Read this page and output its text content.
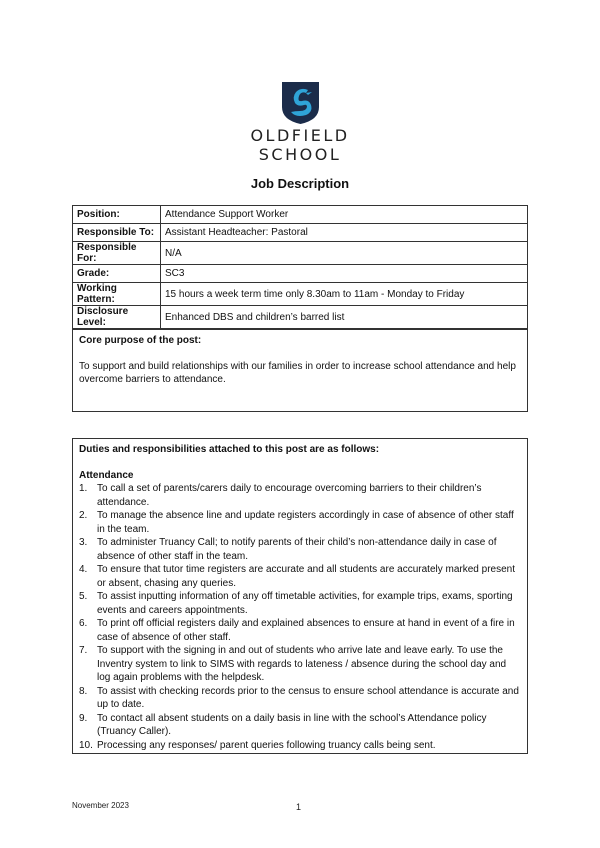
OLDFIELD
SCHOOL
Job Description
Position:	Attendance Support Worker
Responsible To:	Assistant Headteacher: Pastoral
Responsible For:	N/A
Grade:	SC3
Working Pattern:	15 hours a week term time only 8.30am to 11am - Monday to Friday
Disclosure Level:	Enhanced DBS and children’s barred list
Core purpose of the post:
To support and build relationships with our families in order to increase school attendance and help overcome barriers to attendance.
Duties and responsibilities attached to this post are as follows:
Attendance
1. To call a set of parents/carers daily to encourage overcoming barriers to their children’s attendance.
2. To manage the absence line and update registers accordingly in case of absence of other staff in the team.
3. To administer Truancy Call; to notify parents of their child’s non-attendance daily in case of absence of other staff in the team.
4. To ensure that tutor time registers are accurate and all students are accurately marked present or absent, chasing any queries.
5. To assist inputting information of any off timetable activities, for example trips, exams, sporting events and careers appointments.
6. To print off official registers daily and explained absences to ensure at hand in event of a fire in case of absence of other staff.
7. To support with the signing in and out of students who arrive late and leave early. To use the Inventry system to link to SIMS with regards to lateness / absence during the school day and log again problems with the helpdesk.
8. To assist with checking records prior to the census to ensure school attendance is accurate and up to date.
9. To contact all absent students on a daily basis in line with the school’s Attendance policy (Truancy Caller).
10. Processing any responses/ parent queries following truancy calls being sent.
November 2023	1
